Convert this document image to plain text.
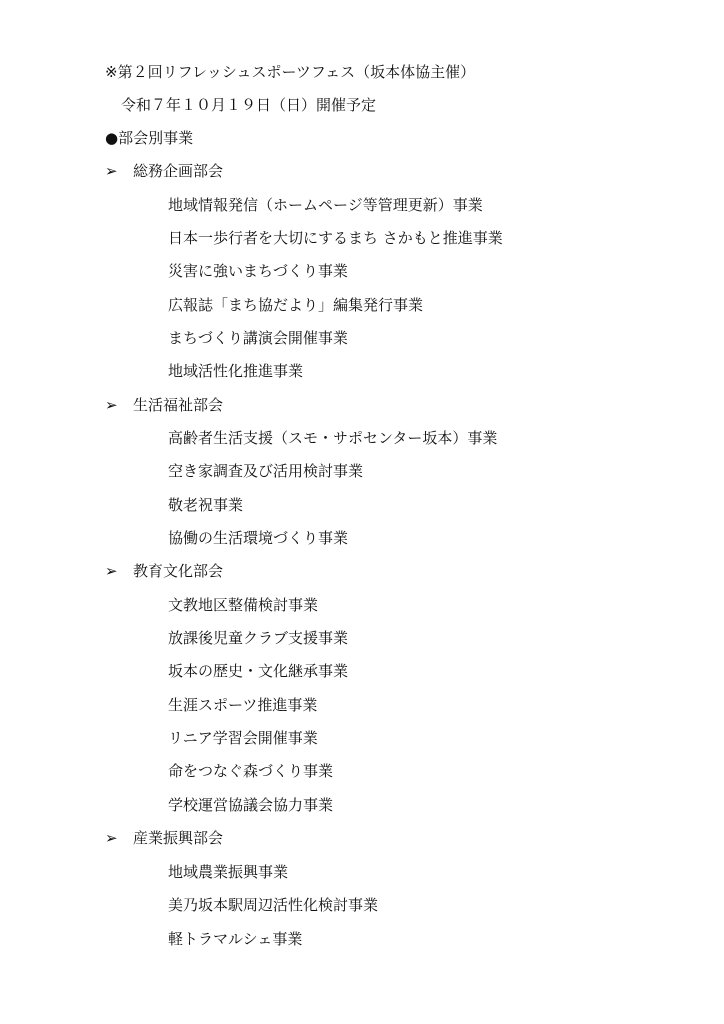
※第２回リフレッシュスポーツフェス（坂本体協主催）
令和７年１０月１９日（日）開催予定
●部会別事業
➢ 総務企画部会
地域情報発信（ホームページ等管理更新）事業
日本一歩行者を大切にするまち さかもと推進事業
災害に強いまちづくり事業
広報誌「まち協だより」編集発行事業
まちづくり講演会開催事業
地域活性化推進事業
➢ 生活福祉部会
高齢者生活支援（スモ・サポセンター坂本）事業
空き家調査及び活用検討事業
敬老祝事業
協働の生活環境づくり事業
➢ 教育文化部会
文教地区整備検討事業
放課後児童クラブ支援事業
坂本の歴史・文化継承事業
生涯スポーツ推進事業
リニア学習会開催事業
命をつなぐ森づくり事業
学校運営協議会協力事業
➢ 産業振興部会
地域農業振興事業
美乃坂本駅周辺活性化検討事業
軽トラマルシェ事業
